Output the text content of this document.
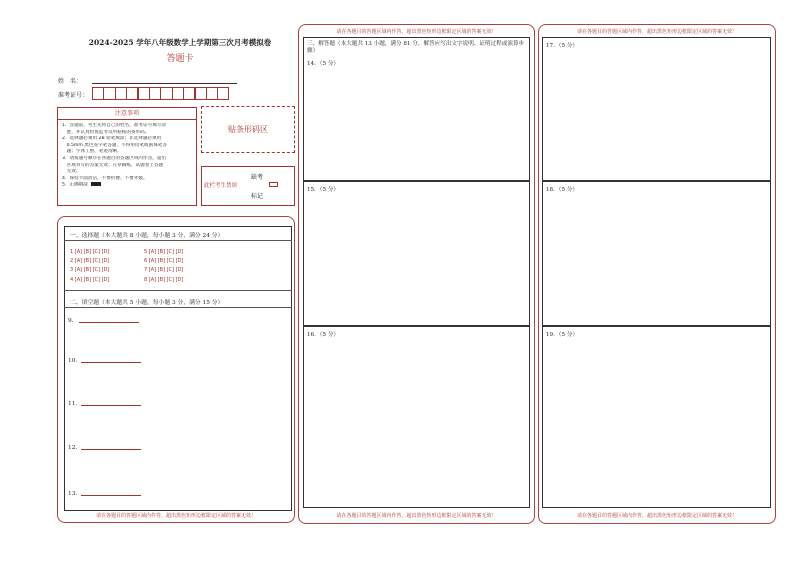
2024-2025 学年八年级数学上学期第三次月考模拟卷
答题卡
姓　名：
准考证号：
注意事项
1．答题前，考生先将自己的姓名，准考证号填写清
　楚，并认真检查监考员所粘贴的条形码。
2．选择题必须用 2B 铅笔填涂；非选择题必须用
　0.5mm 黑色签字笔答题，不得用铅笔或圆珠笔答
　题；字体工整、笔迹清晰。
3．请按题号顺序在各题目的答题区域内作答，超出
　区域书写的答案无效；在草稿纸、试题卷上答题
　无效。
4．保持卡面清洁，不要折叠、不要弄破。
5．正确填涂
贴条形码区
缺考
此栏考生禁填
标记
请在各题目的答题区域内作答，超出黑色矩形边框限定区域的答案无效！
一、选择题（本大题共 8 小题，每小题 3 分，满分 24 分）
1 [A] [B] [C] [D]
2 [A] [B] [C] [D]
3 [A] [B] [C] [D]
4 [A] [B] [C] [D]
5 [A] [B] [C] [D]
6 [A] [B] [C] [D]
7 [A] [B] [C] [D]
8 [A] [B] [C] [D]
二、填空题（本大题共 5 小题，每小题 3 分，满分 15 分）
9．
10．
11．
12．
13．
请在各题目的答题区域内作答，超出黑色矩形边框限定区域的答案无效！
请在各题目的答题区域内作答，超出黑色矩形边框限定区域的答案无效！
三、解答题（本大题共 13 小题，满分 81 分，解答应写出文字说明、证明过程或演算步骤）
14．（5 分）
15．（5 分）
16．（5 分）
请在各题目的答题区域内作答，超出黑色矩形边框限定区域的答案无效！
请在各题目的答题区域内作答，超出黑色矩形边框限定区域的答案无效！
17．（5 分）
18．（5 分）
19．（5 分）
